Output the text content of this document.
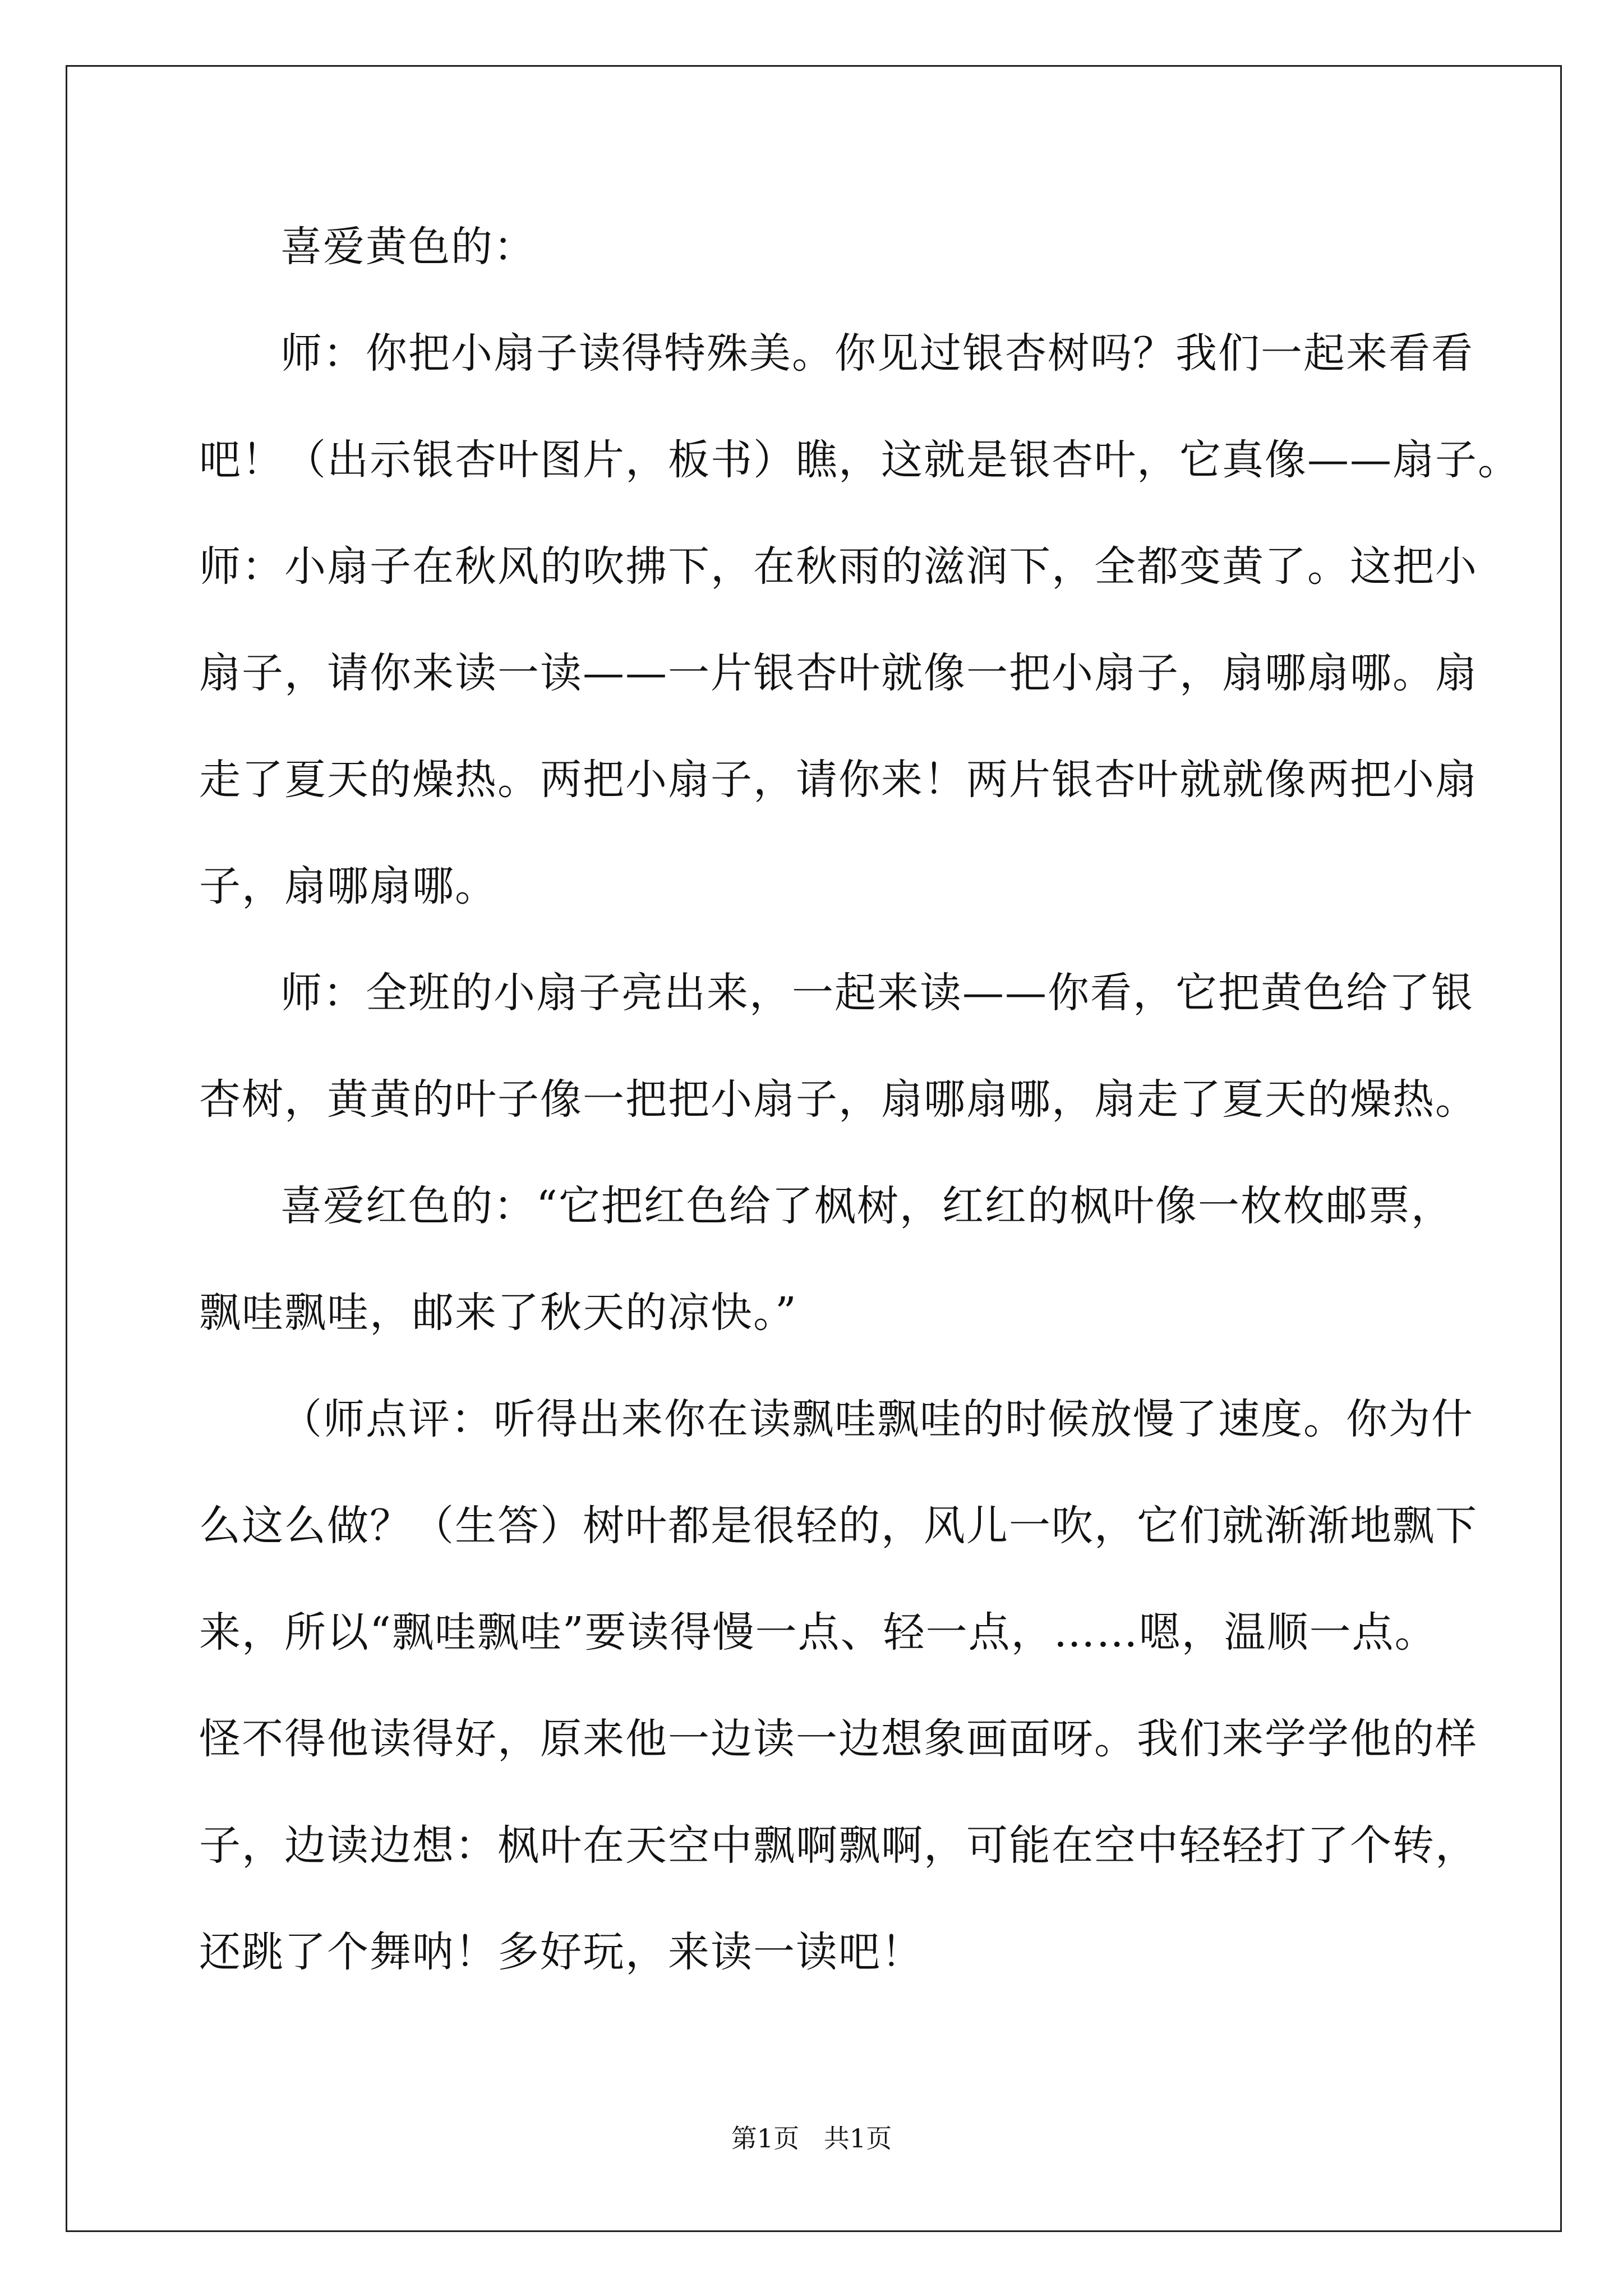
喜爱黄色的：
师：你把小扇子读得特殊美。你见过银杏树吗？我们一起来看看
吧！（出示银杏叶图片，板书）瞧，这就是银杏叶，它真像——扇子。
师：小扇子在秋风的吹拂下，在秋雨的滋润下，全都变黄了。这把小
扇子，请你来读一读——一片银杏叶就像一把小扇子，扇哪扇哪。扇
走了夏天的燥热。两把小扇子，请你来！两片银杏叶就就像两把小扇
子，扇哪扇哪。
师：全班的小扇子亮出来，一起来读——你看，它把黄色给了银
杏树，黄黄的叶子像一把把小扇子，扇哪扇哪，扇走了夏天的燥热。
喜爱红色的：“它把红色给了枫树，红红的枫叶像一枚枚邮票，
飘哇飘哇，邮来了秋天的凉快。”
（师点评：听得出来你在读飘哇飘哇的时候放慢了速度。你为什
么这么做？（生答）树叶都是很轻的，风儿一吹，它们就渐渐地飘下
来，所以“飘哇飘哇”要读得慢一点、轻一点，……嗯，温顺一点。
怪不得他读得好，原来他一边读一边想象画面呀。我们来学学他的样
子，边读边想：枫叶在天空中飘啊飘啊，可能在空中轻轻打了个转，
还跳了个舞呐！多好玩，来读一读吧！
第1页   共1页
